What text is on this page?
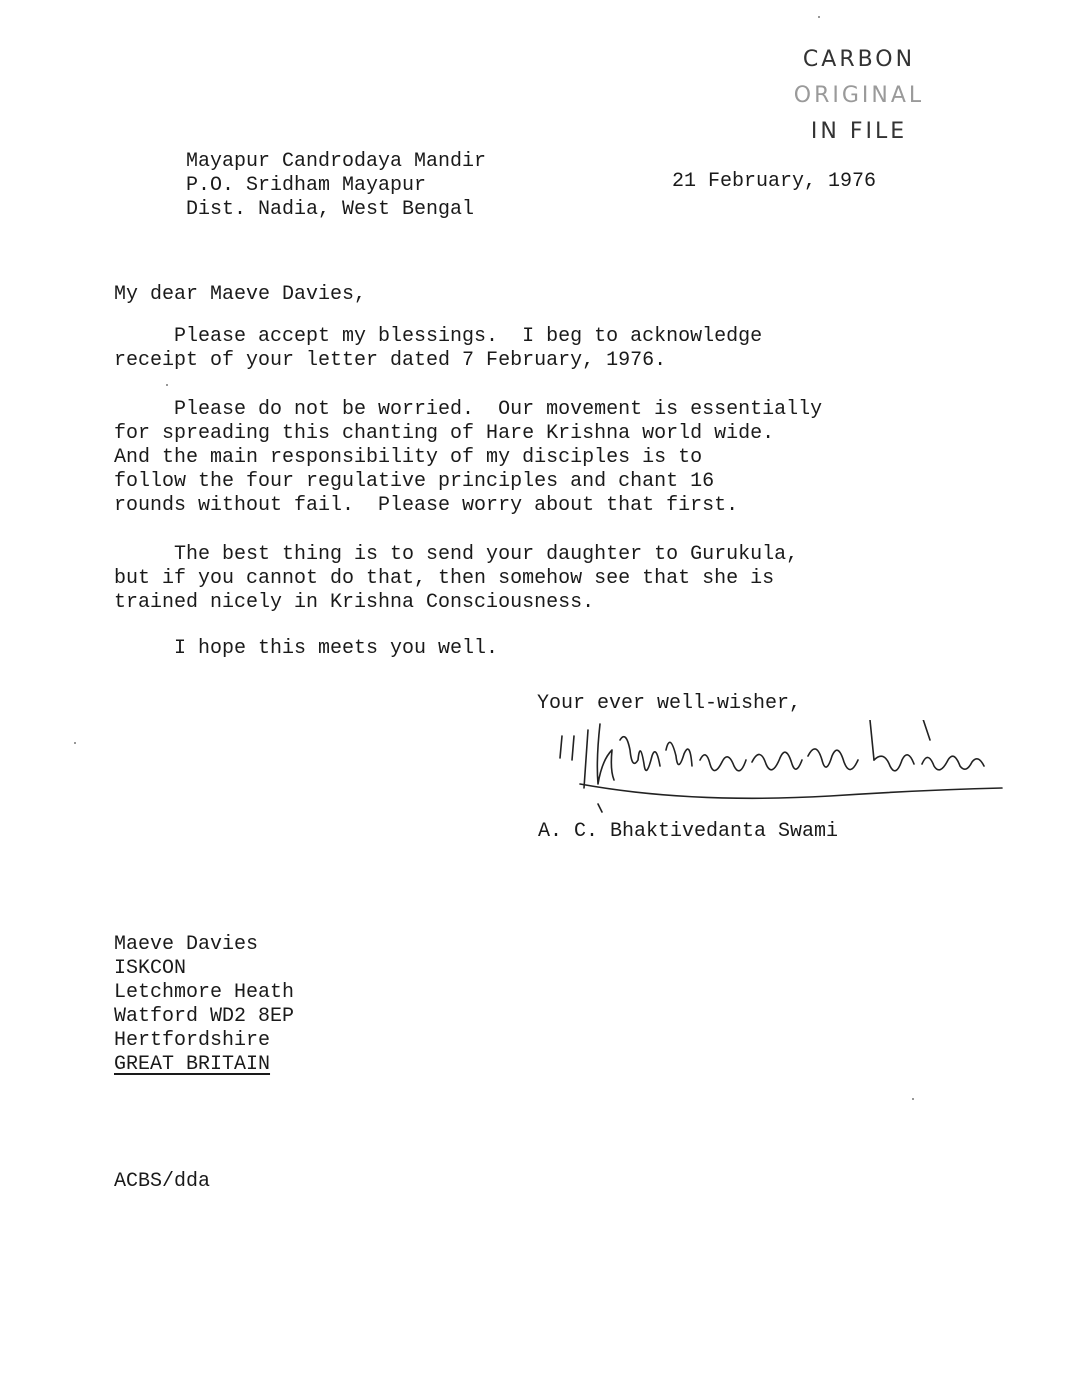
CARBON
ORIGINAL
IN FILE
Mayapur Candrodaya Mandir
P.O. Sridham Mayapur
Dist. Nadia, West Bengal
21 February, 1976
My dear Maeve Davies,
Please accept my blessings.  I beg to acknowledge
receipt of your letter dated 7 February, 1976.
Please do not be worried.  Our movement is essentially
for spreading this chanting of Hare Krishna world wide.
And the main responsibility of my disciples is to
follow the four regulative principles and chant 16
rounds without fail.  Please worry about that first.
The best thing is to send your daughter to Gurukula,
but if you cannot do that, then somehow see that she is
trained nicely in Krishna Consciousness.
I hope this meets you well.
Your ever well-wisher,
A. C. Bhaktivedanta Swami
Maeve Davies
ISKCON
Letchmore Heath
Watford WD2 8EP
Hertfordshire
GREAT BRITAIN
ACBS/dda
